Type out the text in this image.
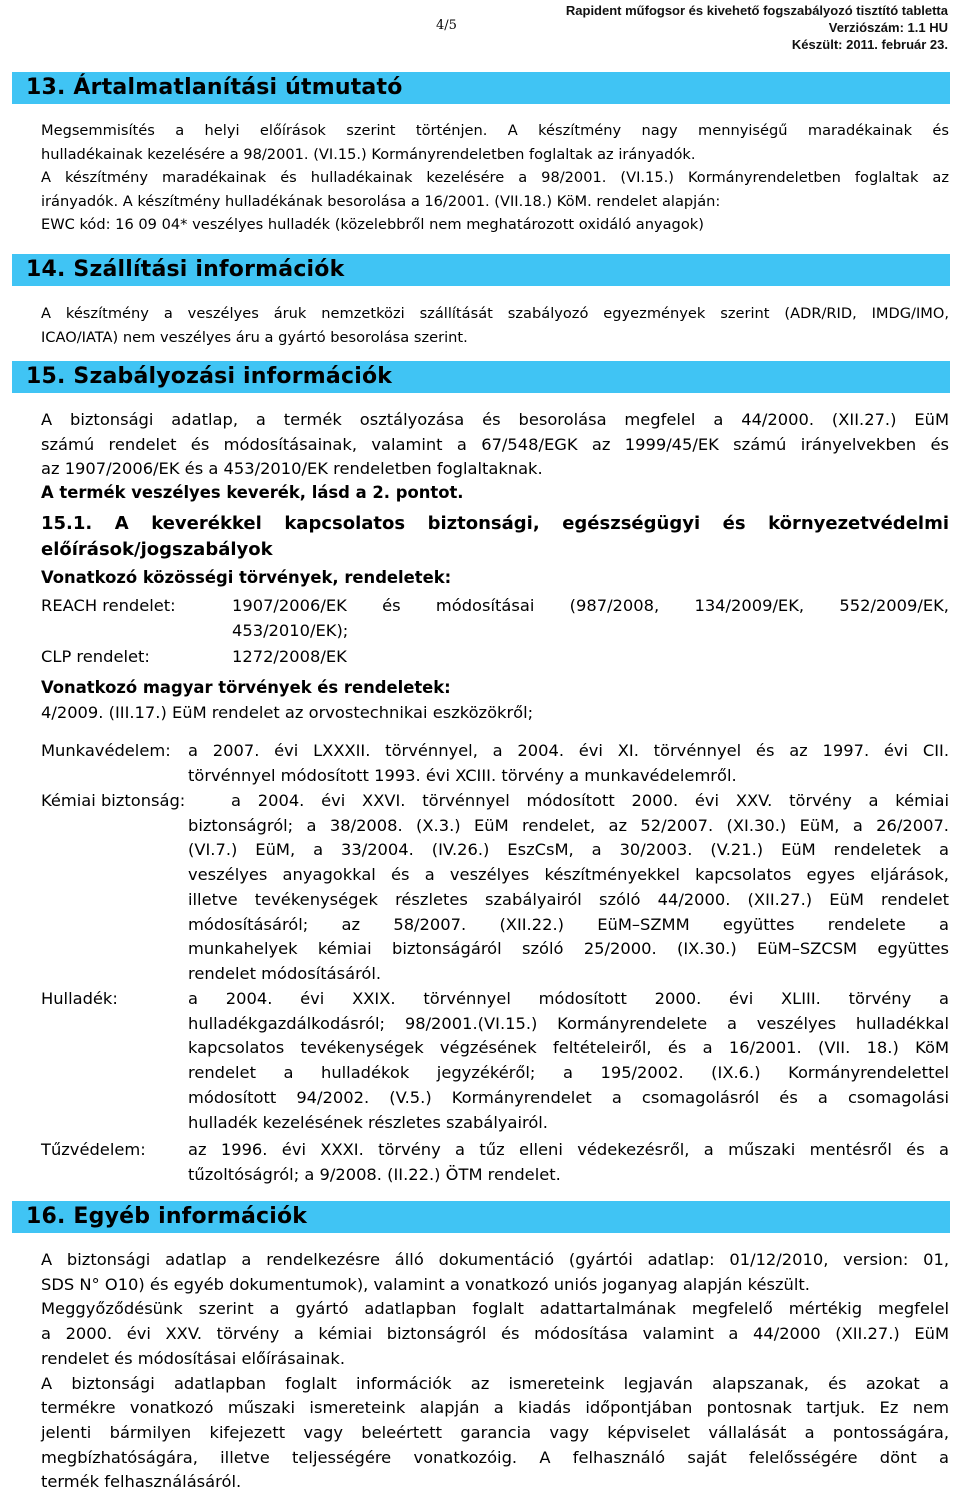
4/5
Rapident műfogsor és kivehető fogszabályozó tisztító tabletta
Verziószám: 1.1 HU
Készült: 2011. február 23.
13. Ártalmatlanítási útmutató
Megsemmisítés a helyi előírások szerint történjen. A készítmény nagy mennyiségű maradékainak és
hulladékainak kezelésére a 98/2001. (VI.15.) Kormányrendeletben foglaltak az irányadók.
A készítmény maradékainak és hulladékainak kezelésére a 98/2001. (VI.15.) Kormányrendeletben foglaltak az
irányadók. A készítmény hulladékának besorolása a 16/2001. (VII.18.) KöM. rendelet alapján:
EWC kód: 16 09 04* veszélyes hulladék (közelebbről nem meghatározott oxidáló anyagok)
14. Szállítási információk
A készítmény a veszélyes áruk nemzetközi szállítását szabályozó egyezmények szerint (ADR/RID, IMDG/IMO,
ICAO/IATA) nem veszélyes áru a gyártó besorolása szerint.
15. Szabályozási információk
A biztonsági adatlap, a termék osztályozása és besorolása megfelel a 44/2000. (XII.27.) EüM
számú rendelet és módosításainak, valamint a 67/548/EGK az 1999/45/EK számú irányelvekben és
az 1907/2006/EK és a 453/2010/EK rendeletben foglaltaknak.
A termék veszélyes keverék, lásd a 2. pontot.
15.1. A keverékkel kapcsolatos biztonsági, egészségügyi és környezetvédelmi
előírások/jogszabályok
Vonatkozó közösségi törvények, rendeletek:
REACH rendelet:	1907/2006/EK és módosításai (987/2008, 134/2009/EK, 552/2009/EK,
453/2010/EK);
CLP rendelet:	1272/2008/EK
Vonatkozó magyar törvények és rendeletek:
4/2009. (III.17.) EüM rendelet az orvostechnikai eszközökről;
Munkavédelem: a 2007. évi LXXXII. törvénnyel, a 2004. évi XI. törvénnyel és az 1997. évi CII.
törvénnyel módosított 1993. évi XCIII. törvény a munkavédelemről.
Kémiai biztonság:	a 2004. évi XXVI. törvénnyel módosított 2000. évi XXV. törvény a kémiai
biztonságról; a 38/2008. (X.3.) EüM rendelet, az 52/2007. (XI.30.) EüM, a 26/2007.
(VI.7.) EüM, a 33/2004. (IV.26.) EszCsM, a 30/2003. (V.21.) EüM rendeletek a
veszélyes anyagokkal és a veszélyes készítményekkel kapcsolatos egyes eljárások,
illetve tevékenységek részletes szabályairól szóló 44/2000. (XII.27.) EüM rendelet
módosításáról; az 58/2007. (XII.22.) EüM–SZMM együttes rendelete a
munkahelyek kémiai biztonságáról szóló 25/2000. (IX.30.) EüM–SZCSM együttes
rendelet módosításáról.
Hulladék:	a 2004. évi XXIX. törvénnyel módosított 2000. évi XLIII. törvény a
hulladékgazdálkodásról; 98/2001.(VI.15.) Kormányrendelete a veszélyes hulladékkal
kapcsolatos tevékenységek végzésének feltételeiről, és a 16/2001. (VII. 18.) KöM
rendelet a hulladékok jegyzékéről; a 195/2002. (IX.6.) Kormányrendelettel
módosított 94/2002. (V.5.) Kormányrendelet a csomagolásról és a csomagolási
hulladék kezelésének részletes szabályairól.
Tűzvédelem:	az 1996. évi XXXI. törvény a tűz elleni védekezésről, a műszaki mentésről és a
tűzoltóságról; a 9/2008. (II.22.) ÖTM rendelet.
16. Egyéb információk
A biztonsági adatlap a rendelkezésre álló dokumentáció (gyártói adatlap: 01/12/2010, version: 01,
SDS N° O10) és egyéb dokumentumok), valamint a vonatkozó uniós joganyag alapján készült.
Meggyőződésünk szerint a gyártó adatlapban foglalt adattartalmának megfelelő mértékig megfelel
a 2000. évi XXV. törvény a kémiai biztonságról és módosítása valamint a 44/2000 (XII.27.) EüM
rendelet és módosításai előírásainak.
A biztonsági adatlapban foglalt információk az ismereteink legjaván alapszanak, és azokat a
termékre vonatkozó műszaki ismereteink alapján a kiadás időpontjában pontosnak tartjuk. Ez nem
jelenti bármilyen kifejezett vagy beleértett garancia vagy képviselet vállalását a pontosságára,
megbízhatóságára, illetve teljességére vonatkozóig. A felhasználó saját felelősségére dönt a
termék felhasználásáról.
